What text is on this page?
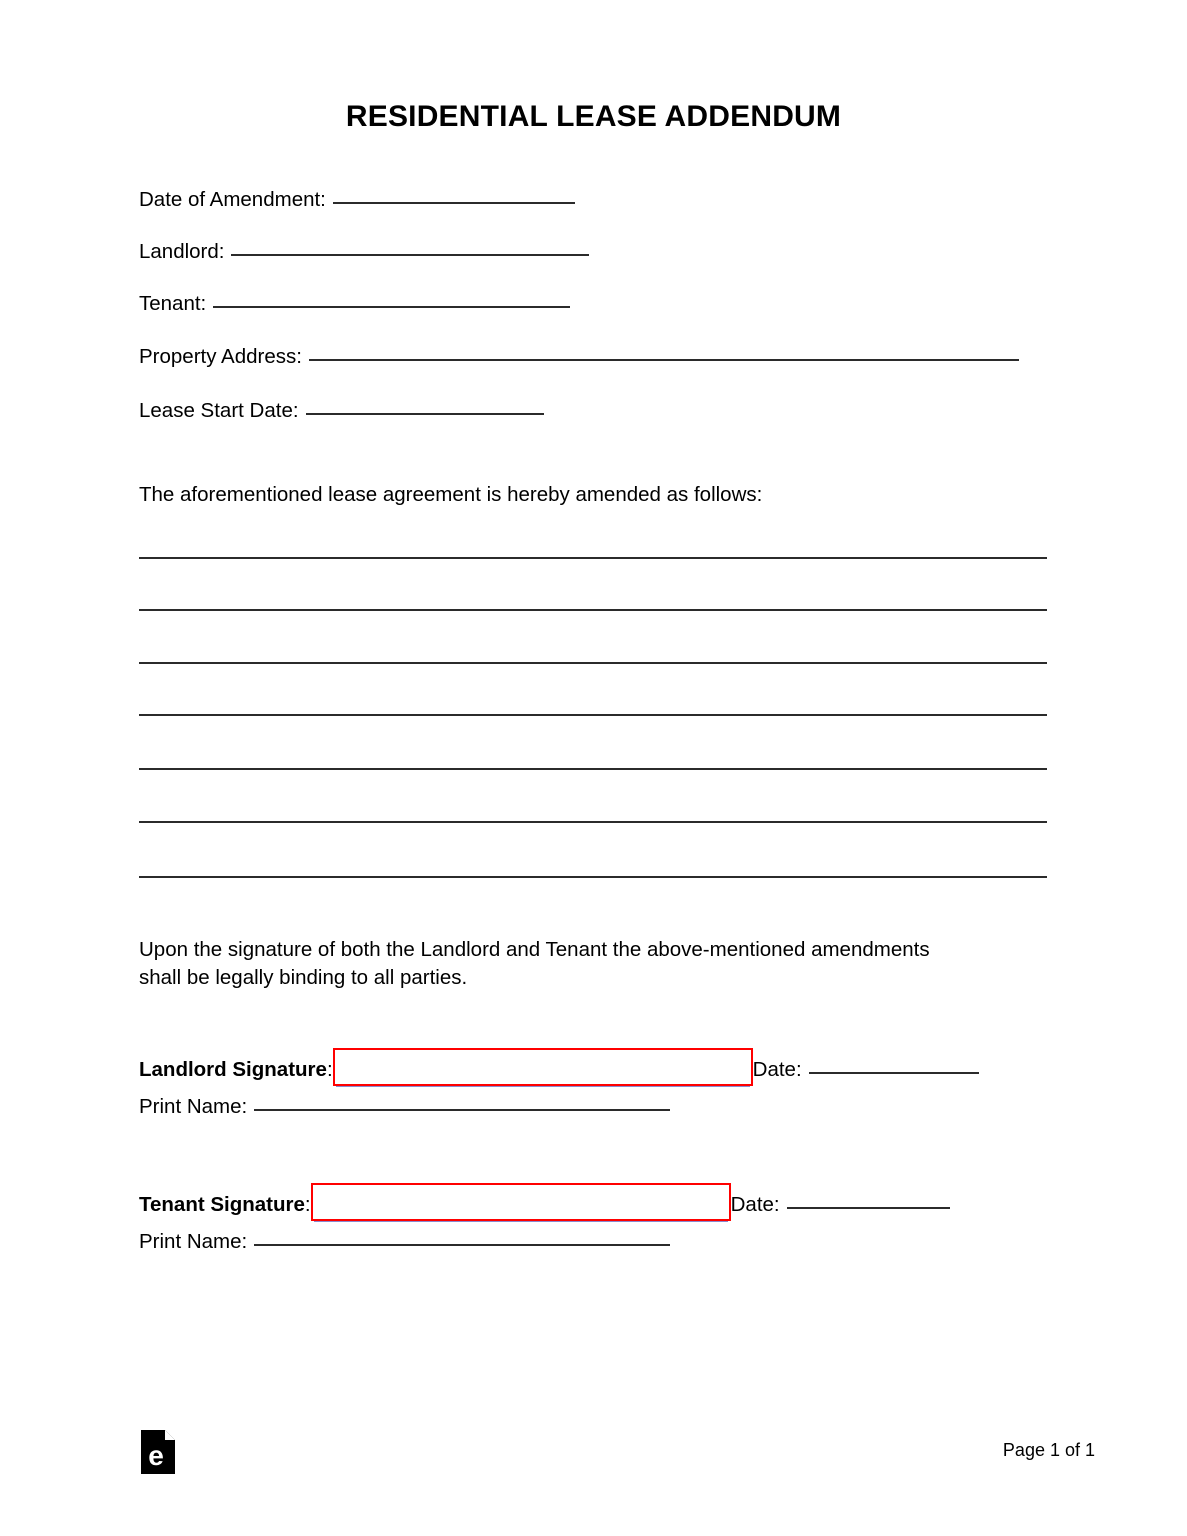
RESIDENTIAL LEASE ADDENDUM
Date of Amendment:
Landlord:
Tenant:
Property Address:
Lease Start Date:
The aforementioned lease agreement is hereby amended as follows:
Upon the signature of both the Landlord and Tenant the above-mentioned amendments
shall be legally binding to all parties.
Landlord Signature :	Date:
Print Name:
Tenant Signature :	Date:
Print Name:
e	Page 1 of 1
